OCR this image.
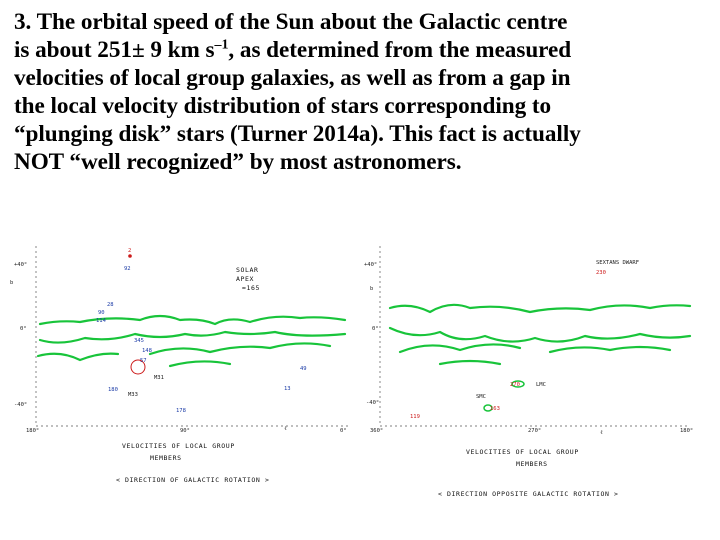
3. The orbital speed of the Sun about the Galactic centre
is about 251± 9 km $s^{-1}$, as determined from the measured
velocities of local group galaxies, as well as from a gap in
the local velocity distribution of stars corresponding to
“plunging disk” stars (Turner 2014a). This fact is actually
NOT “well recognized” by most astronomers.
+40°
b
0°
-40°
180°	90°	ℓ	0°
SOLAR
APEX
≈165
2
92
28
90
114
345
148
57
M31
180
M33
178
49
13
VELOCITIES OF LOCAL GROUP
MEMBERS
< DIRECTION OF GALACTIC ROTATION >
+40°
b
0°
-40°
360°	270°	ℓ	180°
SEXTANS DWARF
230
LMC
270
SMC
163
119
VELOCITIES OF LOCAL GROUP
MEMBERS
< DIRECTION OPPOSITE GALACTIC ROTATION >
